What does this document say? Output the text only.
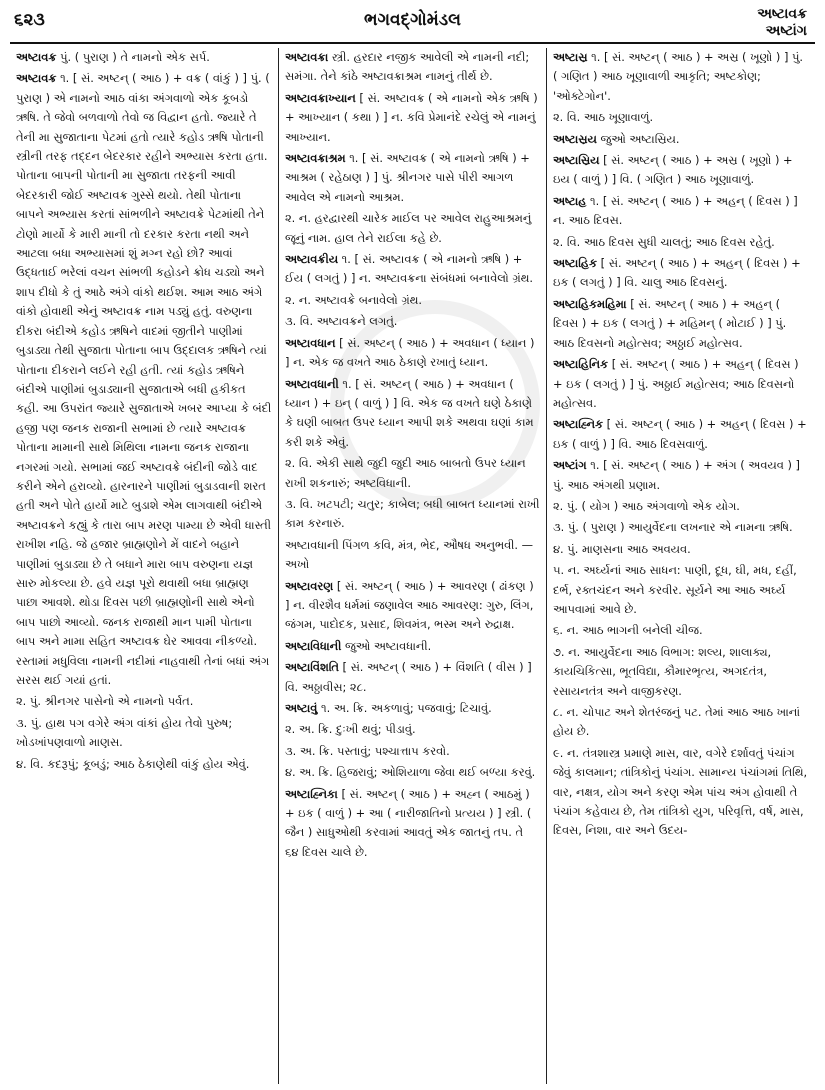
૬૨૩	ભગવદ્ગોમંડલ	અષ્ટાવક્ર
અષ્ટાંગ

અષ્ટાવક્ર પું. ( પુરાણ ) તે નામનો એક સર્પ.

અષ્ટાવક્ર ૧. [ સં. અષ્ટન્ ( આઠ ) + વક્ર ( વાંકું ) ] પું. ( પુરાણ ) એ નામનો આઠ વાંકા અંગવાળો એક કૂબડો ઋષિ. તે જેવો બળવાળો તેવો જ વિદ્વાન હતો. જ્યારે તે તેની મા સુજાતાના પેટમાં હતો ત્યારે કહોડ ઋષિ પોતાની સ્ત્રીની તરફ તદ્દન બેદરકાર રહીને અભ્યાસ કરતા હતા. પોતાના બાપની પોતાની મા સુજાતા તરફની આવી બેદરકારી જોઈ અષ્ટાવક્ર ગુસ્સે થયો. તેથી પોતાના બાપને અભ્યાસ કરતાં સાંભળીને અષ્ટાવક્રે પેટમાંથી તેને ટોણો માર્યો કે મારી માની તો દરકાર કરતા નથી અને આટલા બધા અભ્યાસમાં શું મગ્ન રહો છો? આવાં ઉદ્ધતાઈ ભરેલાં વચન સાંભળી કહોડને ક્રોધ ચડ્યો અને શાપ દીધો કે તું આઠે અંગે વાંકો થઈશ. આમ આઠ અંગે વાંકો હોવાથી એનું અષ્ટાવક્ર નામ પડ્યું હતું. વરુણના દીકરા બંદીએ કહોડ ઋષિને વાદમાં જીતીને પાણીમાં બુડાડ્યા તેથી સુજાતા પોતાના બાપ ઉદ્દાલક ઋષિને ત્યાં પોતાના દીકરાને લઈને રહી હતી. ત્યાં કહોડ ઋષિને બંદીએ પાણીમાં બુડાડ્યાની સુજાતાએ બધી હકીકત કહી. આ ઉપરાંત જ્યારે સુજાતાએ ખબર આપ્યા કે બંદી હજી પણ જનક રાજાની સભામાં છે ત્યારે અષ્ટાવક્ર પોતાના મામાની સાથે મિથિલા નામના જનક રાજાના નગરમાં ગયો. સભામાં જઈ અષ્ટાવક્રે બંદીની જોડે વાદ કરીને એને હરાવ્યો. હારનારને પાણીમાં બુડાડવાની શરત હતી અને પોતે હાર્યો માટે બુડાશે એમ લાગવાથી બંદીએ અષ્ટાવક્રને કહ્યું કે તારા બાપ મરણ પામ્યા છે એવી ધાસ્તી રાખીશ નહિ. જે હજાર બ્રાહ્મણોને મેં વાદને બહાને પાણીમાં બુડાડ્યા છે તે બધાને મારા બાપ વરુણના યજ્ઞ સારુ મોકલ્યા છે. હવે યજ્ઞ પૂરો થવાથી બધા બ્રાહ્મણ પાછા આવશે. થોડા દિવસ પછી બ્રાહ્મણોની સાથે એનો બાપ પાછો આવ્યો. જનક રાજાથી માન પામી પોતાના બાપ અને મામા સહિત અષ્ટાવક્ર ઘેર આવવા નીકળ્યો. રસ્તામાં મધુવિલા નામની નદીમાં નાહવાથી તેનાં બધાં અંગ સરસ થઈ ગયાં હતાં.

૨. પું. શ્રીનગર પાસેનો એ નામનો પર્વત.

૩. પું. હાથ પગ વગેરે અંગ વાંકાં હોય તેવો પુરુષ; ખોડખાંપણવાળો માણસ.

૪. વિ. કદરૂપું; કૂબડું; આઠ ઠેકાણેથી વાંકું હોય એવું.

અષ્ટાવક્રા સ્ત્રી. હરદાર નજીક આવેલી એ નામની નદી; સમંગા. તેને કાંઠે અષ્ટાવક્રાશ્રમ નામનું તીર્થ છે.

અષ્ટાવક્રાખ્યાન [ સં. અષ્ટાવક્ર ( એ નામનો એક ઋષિ ) + આખ્યાન ( કથા ) ] ન. કવિ પ્રેમાનંદે રચેલું એ નામનું આખ્યાન.

અષ્ટાવક્રાશ્રમ ૧. [ સં. અષ્ટાવક્ર ( એ નામનો ઋષિ ) + આશ્રમ ( રહેઠાણ ) ] પું. શ્રીનગર પાસે પીરી આગળ આવેલ એ નામનો આશ્રમ.

૨. ન. હરદ્વારથી ચારેક માઈલ પર આવેલ રાહુઆશ્રમનું જૂનું નામ. હાલ તેને રાઈલા કહે છે.

અષ્ટાવક્રીય ૧. [ સં. અષ્ટાવક્ર ( એ નામનો ઋષિ ) + ઈય ( લગતું ) ] ન. અષ્ટાવક્રના સંબંધમાં બનાવેલો ગ્રંથ.

૨. ન. અષ્ટાવક્રે બનાવેલો ગ્રંથ.

૩. વિ. અષ્ટાવક્રને લગતું.

અષ્ટાવધાન [ સં. અષ્ટન્ ( આઠ ) + અવધાન ( ધ્યાન ) ] ન. એક જ વખતે આઠ ઠેકાણે રખાતું ધ્યાન.

અષ્ટાવધાની ૧. [ સં. અષ્ટન્ ( આઠ ) + અવધાન ( ધ્યાન ) + ઇન્ ( વાળું ) ] વિ. એક જ વખતે ઘણે ઠેકાણે કે ઘણી બાબત ઉપર ધ્યાન આપી શકે અથવા ઘણાં કામ કરી શકે એવું.

૨. વિ. એકી સાથે જુદી જુદી આઠ બાબતો ઉપર ધ્યાન રાખી શકનારું; અષ્ટવિધાની.

૩. વિ. ખટપટી; ચતુર; કાબેલ; બધી બાબત ધ્યાનમાં રાખી કામ કરનારું.

અષ્ટાવધાની પિંગળ કવિ, મંત્ર, ભેદ, ઔષધ અનુભવી. — અખો

અષ્ટાવરણ [ સં. અષ્ટન્ ( આઠ ) + આવરણ ( ઢાંકણ ) ] ન. વીરશૈવ ધર્મમાં જણાવેલ આઠ આવરણ: ગુરુ, લિંગ, જંગમ, પાદોદક, પ્રસાદ, શિવમંત્ર, ભસ્મ અને રુદ્રાક્ષ.

અષ્ટાવિધાની જુઓ અષ્ટાવધાની.

અષ્ટાવિંશતિ [ સં. અષ્ટન્ ( આઠ ) + વિંશતિ ( વીસ ) ] વિ. અઠ્ઠાવીસ; ૨૮.

અષ્ટાવું ૧. અ. ક્રિ. અકળાવું; પજવાવું; ટિચાવું.

૨. અ. ક્રિ. દુઃખી થવું; પીડાવું.

૩. અ. ક્રિ. પસ્તાવું; પશ્ચાત્તાપ કરવો.

૪. અ. ક્રિ. હિજરાવું; ઓશિયાળા જેવા થઈ બળ્યા કરવું.

અષ્ટાહ્નિકા [ સં. અષ્ટન્ ( આઠ ) + અહ્ન ( આઠમું ) + ઇક ( વાળું ) + આ ( નારીજાતિનો પ્રત્યય ) ] સ્ત્રી. ( જૈન ) સાધુઓથી કરવામાં આવતું એક જાતનું તપ. તે ૬૪ દિવસ ચાલે છે.

અષ્ટાસ્ર ૧. [ સં. અષ્ટન્ ( આઠ ) + અસ્ર ( ખૂણો ) ] પું. ( ગણિત ) આઠ ખૂણાવાળી આકૃતિ; અષ્ટકોણ; 'ઓક્ટેગોન'.

૨. વિ. આઠ ખૂણાવાળું.

અષ્ટાસ્રય જુઓ અષ્ટાસ્રિય.

અષ્ટાસ્રિય [ સં. અષ્ટન્ ( આઠ ) + અસ્ર ( ખૂણો ) + ઇય ( વાળું ) ] વિ. ( ગણિત ) આઠ ખૂણાવાળું.

અષ્ટાહ ૧. [ સં. અષ્ટન્ ( આઠ ) + અહન્ ( દિવસ ) ] ન. આઠ દિવસ.

૨. વિ. આઠ દિવસ સુધી ચાલતું; આઠ દિવસ રહેતું.

અષ્ટાહિક [ સં. અષ્ટન્ ( આઠ ) + અહન્ ( દિવસ ) + ઇક ( લગતું ) ] વિ. ચાલુ આઠ દિવસનું.

અષ્ટાહિકમહિમા [ સં. અષ્ટન્ ( આઠ ) + અહન્ ( દિવસ ) + ઇક ( લગતું ) + મહિમન્ ( મોટાઈ ) ] પું. આઠ દિવસનો મહોત્સવ; અઠ્ઠાઈ મહોત્સવ.

અષ્ટાહિનિક [ સં. અષ્ટન્ ( આઠ ) + અહન્ ( દિવસ ) + ઇક ( લગતું ) ] પું. અઠ્ઠાઈ મહોત્સવ; આઠ દિવસનો મહોત્સવ.

અષ્ટાહ્નિક [ સં. અષ્ટન્ ( આઠ ) + અહન્ ( દિવસ ) + ઇક ( વાળું ) ] વિ. આઠ દિવસવાળું.

અષ્ટાંગ ૧. [ સં. અષ્ટન્ ( આઠ ) + અંગ ( અવયવ ) ] પું. આઠ અંગથી પ્રણામ.

૨. પું. ( યોગ ) આઠ અંગવાળો એક યોગ.

૩. પું. ( પુરાણ ) આયુર્વેદના લખનાર એ નામના ઋષિ.

૪. પું. માણસના આઠ અવયવ.

૫. ન. અર્ઘ્યનાં આઠ સાધન: પાણી, દૂધ, ઘી, મધ, દહીં, દર્ભ, રક્તચંદન અને કરવીર. સૂર્યને આ આઠ અર્ઘ્ય આપવામાં આવે છે.

૬. ન. આઠ ભાગની બનેલી ચીજ.

૭. ન. આયુર્વેદના આઠ વિભાગ: શલ્ય, શાલાક્ય, કાયચિકિત્સા, ભૂતવિદ્યા, કૌમારભૃત્ય, અગદતંત્ર, રસાયનતંત્ર અને વાજીકરણ.

૮. ન. ચોપાટ અને શેતરંજનું પટ. તેમાં આઠ આઠ ખાનાં હોય છે.

૯. ન. તંત્રશાસ્ત્ર પ્રમાણે માસ, વાર, વગેરે દર્શાવતું પંચાંગ જેવું કાલમાન; તાંત્રિકોનું પંચાંગ. સામાન્ય પંચાંગમાં તિથિ, વાર, નક્ષત્ર, યોગ અને કરણ એમ પાંચ અંગ હોવાથી તે પંચાંગ કહેવાય છે, તેમ તાંત્રિકો યુગ, પરિવૃત્તિ, વર્ષ, માસ, દિવસ, નિશા, વાર અને ઉદય-
